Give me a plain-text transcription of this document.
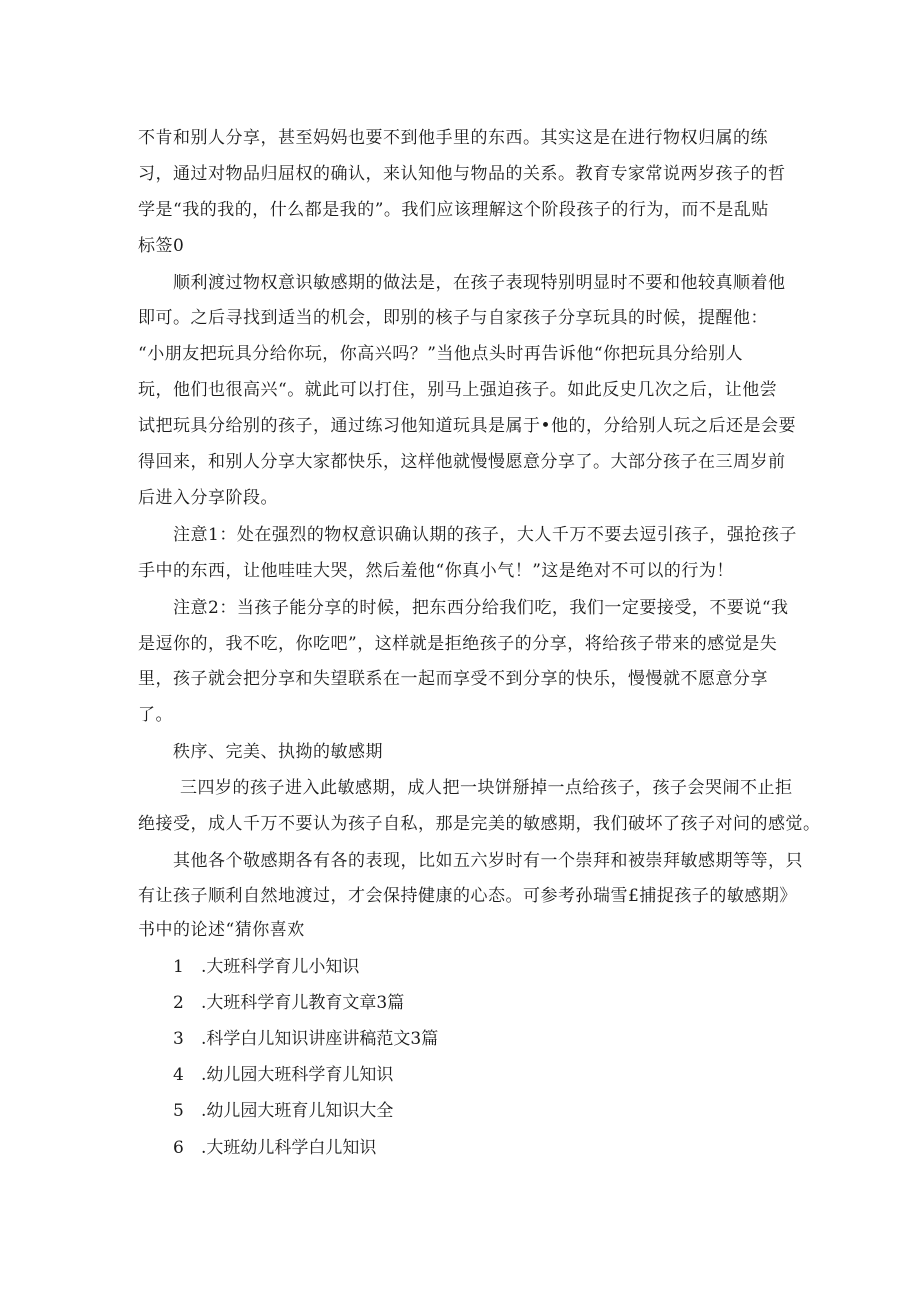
不肯和别人分享，甚至妈妈也要不到他手里的东西。其实这是在进行物权归属的练
习，通过对物品归屈权的确认，来认知他与物品的关系。教育专家常说两岁孩子的哲
学是“我的我的，什么都是我的”。我们应该理解这个阶段孩子的行为，而不是乱贴
标签0
顺利渡过物权意识敏感期的做法是，在孩子表现特别明显时不要和他较真顺着他
即可。之后寻找到适当的机会，即别的核子与自家孩子分享玩具的时候，提醒他：
“小朋友把玩具分给你玩，你高兴吗？”当他点头时再告诉他“你把玩具分给别人
玩，他们也很高兴“。就此可以打住，别马上强迫孩子。如此反史几次之后，让他尝
试把玩具分给别的孩子，通过练习他知道玩具是属于•他的，分给别人玩之后还是会要
得回来，和别人分享大家都快乐，这样他就慢慢愿意分享了。大部分孩子在三周岁前
后进入分享阶段。
注意1：处在强烈的物权意识确认期的孩子，大人千万不要去逗引孩子，强抢孩子
手中的东西，让他哇哇大哭，然后羞他“你真小气！”这是绝对不可以的行为！
注意2：当孩子能分享的时候，把东西分给我们吃，我们一定要接受，不要说“我
是逗你的，我不吃，你吃吧”，这样就是拒绝孩子的分享，将给孩子带来的感觉是失
里，孩子就会把分享和失望联系在一起而享受不到分享的快乐，慢慢就不愿意分享
了。
秩序、完美、执拗的敏感期
三四岁的孩子进入此敏感期，成人把一块饼掰掉一点给孩子，孩子会哭闹不止拒
绝接受，成人千万不要认为孩子自私，那是完美的敏感期，我们破坏了孩子对问的感觉。
其他各个敬感期各有各的表现，比如五六岁时有一个崇拜和被崇拜敏感期等等，只
有让孩子顺利自然地渡过，才会保持健康的心态。可参考孙瑞雪£捕捉孩子的敏感期》
书中的论述“猜你喜欢
1 .大班科学育儿小知识
2 .大班科学育儿教育文章3篇
3 .科学白儿知识讲座讲稿范文3篇
4 .幼儿园大班科学育儿知识
5 .幼儿园大班育儿知识大全
6 .大班幼儿科学白儿知识
